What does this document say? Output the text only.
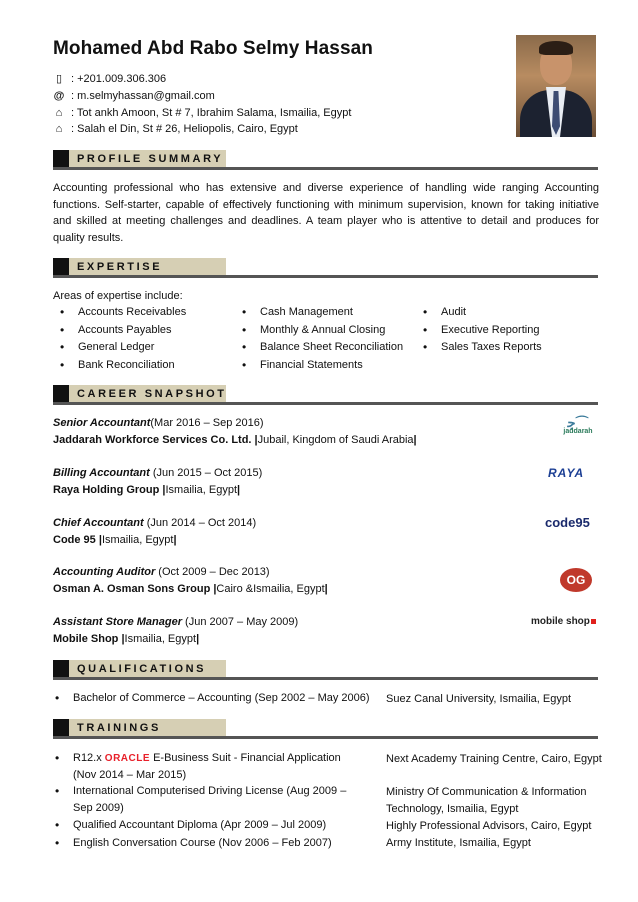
Mohamed Abd Rabo Selmy Hassan
▯ : +201.009.306.306
@ : m.selmyhassan@gmail.com
⌂ : Tot ankh Amoon, St # 7, Ibrahim Salama, Ismailia, Egypt
⌂ : Salah el Din, St # 26, Heliopolis, Cairo, Egypt
PROFILE SUMMARY
Accounting professional who has extensive and diverse experience of handling wide ranging Accounting functions. Self-starter, capable of effectively functioning with minimum supervision, known for taking initiative and skilled at meeting challenges and deadlines. A team player who is attentive to detail and produces for quality results.
EXPERTISE
Areas of expertise include:
• Accounts Receivables
• Accounts Payables
• General Ledger
• Bank Reconciliation
• Cash Management
• Monthly & Annual Closing
• Balance Sheet Reconciliation
• Financial Statements
• Audit
• Executive Reporting
• Sales Taxes Reports
CAREER SNAPSHOT
Senior Accountant(Mar 2016 – Sep 2016)
Jaddarah Workforce Services Co. Ltd. |Jubail, Kingdom of Saudi Arabia|
ﺟ⌒
jaddarah
Billing Accountant (Jun 2015 – Oct 2015)
Raya Holding Group |Ismailia, Egypt|
RAYA
Chief Accountant (Jun 2014 – Oct 2014)
Code 95 |Ismailia, Egypt|
code95
Accounting Auditor (Oct 2009 – Dec 2013)
Osman A. Osman Sons Group |Cairo &Ismailia, Egypt|
OG
Assistant Store Manager (Jun 2007 – May 2009)
Mobile Shop |Ismailia, Egypt|
mobile shop
QUALIFICATIONS
• Bachelor of Commerce – Accounting (Sep 2002 – May 2006) Suez Canal University, Ismailia, Egypt
TRAININGS
• R12.x ORACLE E-Business Suit - Financial Application
(Nov 2014 – Mar 2015)
Next Academy Training Centre, Cairo, Egypt
• International Computerised Driving License (Aug 2009 –
Sep 2009)
Ministry Of Communication & Information
Technology, Ismailia, Egypt
• Qualified Accountant Diploma (Apr 2009 – Jul 2009)
• English Conversation Course (Nov 2006 – Feb 2007)
Highly Professional Advisors, Cairo, Egypt
Army Institute, Ismailia, Egypt
